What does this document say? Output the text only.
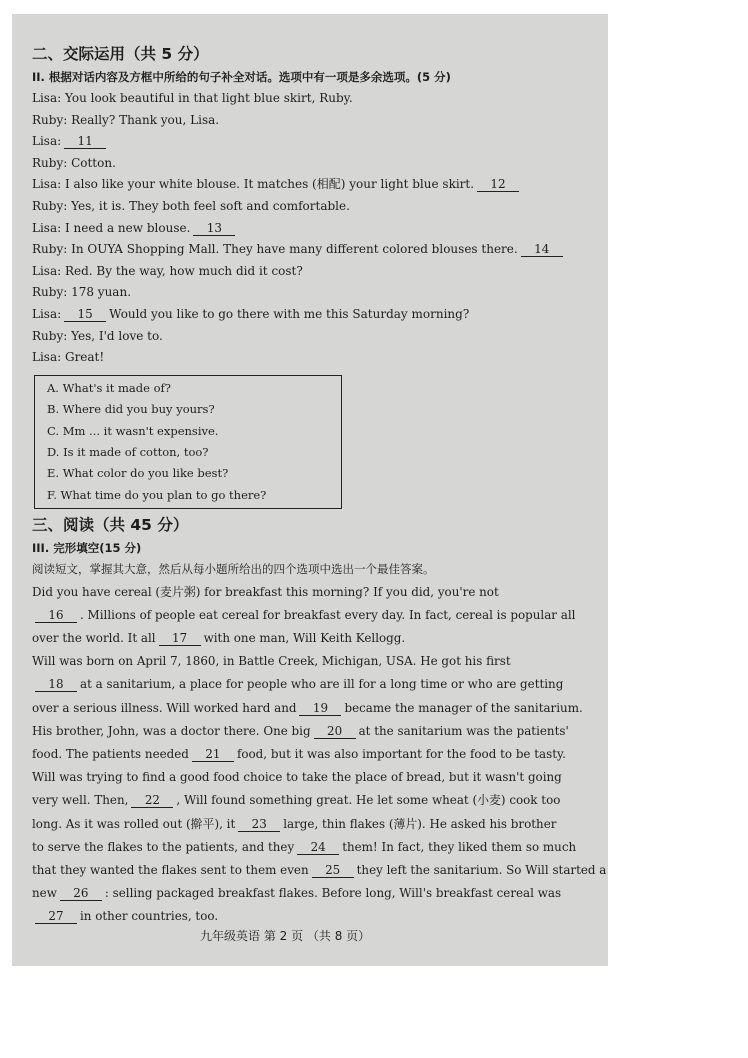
二、交际运用（共 5 分）
II. 根据对话内容及方框中所给的句子补全对话。选项中有一项是多余选项。(5 分)
Lisa: You look beautiful in that light blue skirt, Ruby.
Ruby: Really? Thank you, Lisa.
Lisa: 11
Ruby: Cotton.
Lisa: I also like your white blouse. It matches (相配) your light blue skirt. 12
Ruby: Yes, it is. They both feel soft and comfortable.
Lisa: I need a new blouse. 13
Ruby: In OUYA Shopping Mall. They have many different colored blouses there. 14
Lisa: Red. By the way, how much did it cost?
Ruby: 178 yuan.
Lisa: 15 Would you like to go there with me this Saturday morning?
Ruby: Yes, I'd love to.
Lisa: Great!
A. What's it made of?
B. Where did you buy yours?
C. Mm ... it wasn't expensive.
D. Is it made of cotton, too?
E. What color do you like best?
F. What time do you plan to go there?
三、阅读（共 45 分）
III. 完形填空(15 分)
阅读短文，掌握其大意，然后从每小题所给出的四个选项中选出一个最佳答案。
Did you have cereal (麦片粥) for breakfast this morning? If you did, you're not
16 . Millions of people eat cereal for breakfast every day. In fact, cereal is popular all
over the world. It all 17 with one man, Will Keith Kellogg.
Will was born on April 7, 1860, in Battle Creek, Michigan, USA. He got his first
18 at a sanitarium, a place for people who are ill for a long time or who are getting
over a serious illness. Will worked hard and 19 became the manager of the sanitarium.
His brother, John, was a doctor there. One big 20 at the sanitarium was the patients'
food. The patients needed 21 food, but it was also important for the food to be tasty.
Will was trying to find a good food choice to take the place of bread, but it wasn't going
very well. Then, 22 , Will found something great. He let some wheat (小麦) cook too
long. As it was rolled out (擀平), it 23 large, thin flakes (薄片). He asked his brother
to serve the flakes to the patients, and they 24 them! In fact, they liked them so much
that they wanted the flakes sent to them even 25 they left the sanitarium. So Will started a
new 26 : selling packaged breakfast flakes. Before long, Will's breakfast cereal was
27 in other countries, too.
九年级英语 第 2 页 （共 8 页）
